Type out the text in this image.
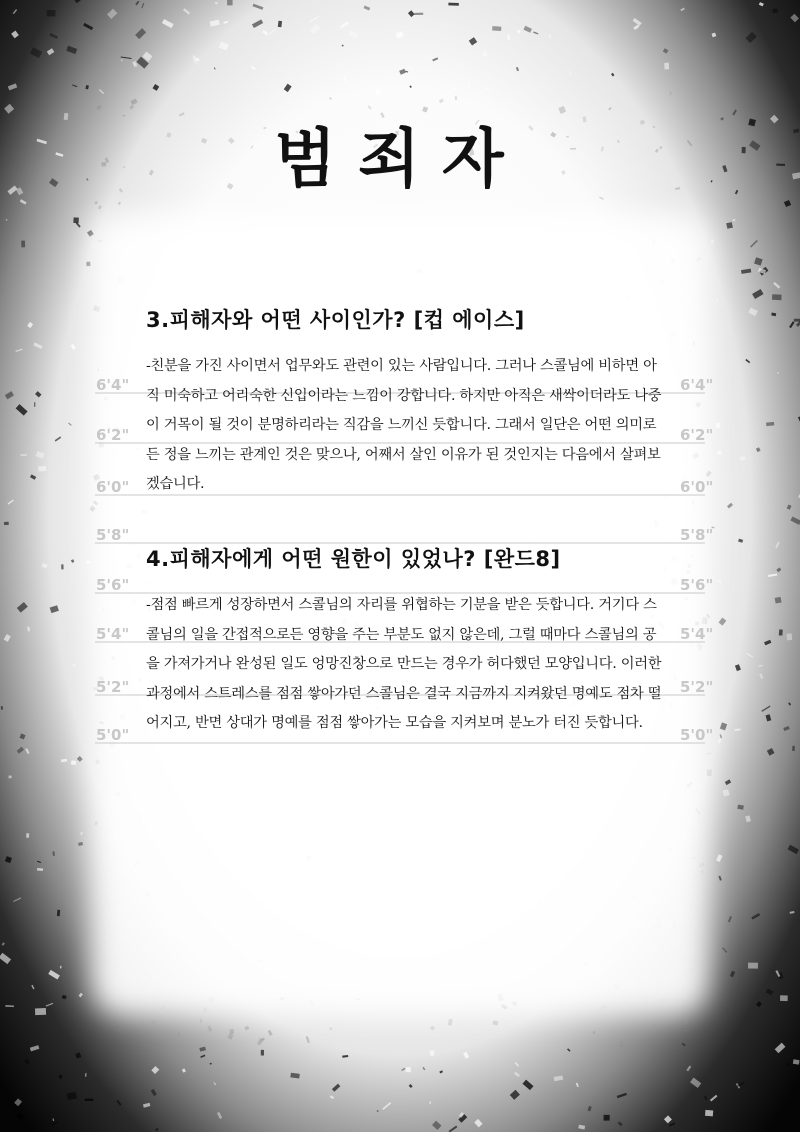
6'4"
6'2"
6'0"
5'8"
5'6"
5'4"
5'2"
5'0"
6'4"
6'2"
6'0"
5'8"
5'6"
5'4"
5'2"
5'0"
범죄자
3.피해자와 어떤 사이인가? [컵 에이스]

-친분을 가진 사이면서 업무와도 관련이 있는 사람입니다. 그러나 스콜님에 비하면 아직 미숙하고 어리숙한 신입이라는 느낌이 강합니다. 하지만 아직은 새싹이더라도 나중이 거목이 될 것이 분명하리라는 직감을 느끼신 듯합니다. 그래서 일단은 어떤 의미로든 정을 느끼는 관계인 것은 맞으나, 어째서 살인 이유가 된 것인지는 다음에서 살펴보겠습니다.

4.피해자에게 어떤 원한이 있었나? [완드8]

-점점 빠르게 성장하면서 스콜님의 자리를 위협하는 기분을 받은 듯합니다. 거기다 스콜님의 일을 간접적으로든 영향을 주는 부분도 없지 않은데, 그럴 때마다 스콜님의 공을 가져가거나 완성된 일도 엉망진창으로 만드는 경우가 허다했던 모양입니다. 이러한 과정에서 스트레스를 점점 쌓아가던 스콜님은 결국 지금까지 지켜왔던 명예도 점차 떨어지고, 반면 상대가 명예를 점점 쌓아가는 모습을 지켜보며 분노가 터진 듯합니다.
